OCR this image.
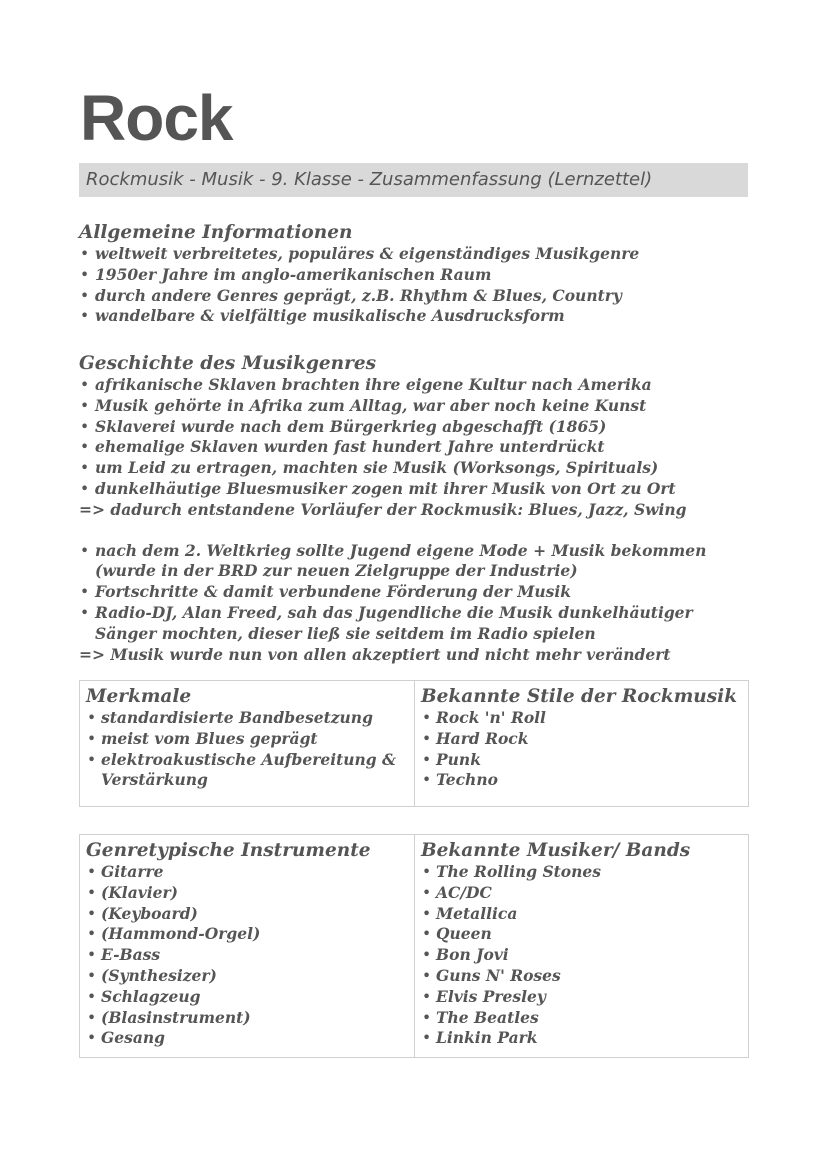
Rock
Rockmusik - Musik - 9. Klasse - Zusammenfassung (Lernzettel)
Allgemeine Informationen
• weltweit verbreitetes, populäres & eigenständiges Musikgenre
• 1950er Jahre im anglo-amerikanischen Raum
• durch andere Genres geprägt, z.B. Rhythm & Blues, Country
• wandelbare & vielfältige musikalische Ausdrucksform
Geschichte des Musikgenres
• afrikanische Sklaven brachten ihre eigene Kultur nach Amerika
• Musik gehörte in Afrika zum Alltag, war aber noch keine Kunst
• Sklaverei wurde nach dem Bürgerkrieg abgeschafft (1865)
• ehemalige Sklaven wurden fast hundert Jahre unterdrückt
• um Leid zu ertragen, machten sie Musik (Worksongs, Spirituals)
• dunkelhäutige Bluesmusiker zogen mit ihrer Musik von Ort zu Ort
=> dadurch entstandene Vorläufer der Rockmusik: Blues, Jazz, Swing
• nach dem 2. Weltkrieg sollte Jugend eigene Mode + Musik bekommen (wurde in der BRD zur neuen Zielgruppe der Industrie)
• Fortschritte & damit verbundene Förderung der Musik
• Radio-DJ, Alan Freed, sah das Jugendliche die Musik dunkelhäutiger Sänger mochten, dieser ließ sie seitdem im Radio spielen
=> Musik wurde nun von allen akzeptiert und nicht mehr verändert
Merkmale
• standardisierte Bandbesetzung
• meist vom Blues geprägt
• elektroakustische Aufbereitung & Verstärkung

Bekannte Stile der Rockmusik
• Rock 'n' Roll
• Hard Rock
• Punk
• Techno
Genretypische Instrumente
• Gitarre
• (Klavier)
• (Keyboard)
• (Hammond-Orgel)
• E-Bass
• (Synthesizer)
• Schlagzeug
• (Blasinstrument)
• Gesang

Bekannte Musiker/ Bands
• The Rolling Stones
• AC/DC
• Metallica
• Queen
• Bon Jovi
• Guns N' Roses
• Elvis Presley
• The Beatles
• Linkin Park
